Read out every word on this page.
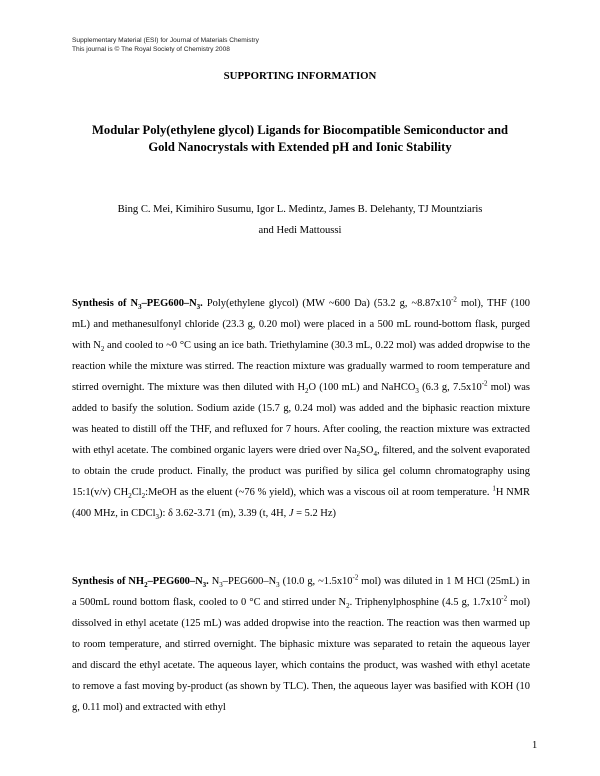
Supplementary Material (ESI) for Journal of Materials Chemistry
This journal is © The Royal Society of Chemistry 2008
SUPPORTING INFORMATION
Modular Poly(ethylene glycol) Ligands for Biocompatible Semiconductor and
Gold Nanocrystals with Extended pH and Ionic Stability
Bing C. Mei, Kimihiro Susumu, Igor L. Medintz, James B. Delehanty, TJ Mountziaris
and Hedi Mattoussi
Synthesis of $N_3-PEG600-N_3$. Poly(ethylene glycol) (MW ~600 Da) (53.2 g, $\sim 8.87x10^{-2}$ mol), THF (100 mL) and methanesulfonyl chloride (23.3 g, 0.20 mol) were placed in a 500 mL round-bottom flask, purged with $N_2$ and cooled to ~0 °C using an ice bath. Triethylamine (30.3 mL, 0.22 mol) was added dropwise to the reaction while the mixture was stirred. The reaction mixture was gradually warmed to room temperature and stirred overnight. The mixture was then diluted with $H_2O$ (100 mL) and NaHCO$_3$ (6.3 g, $7.5x10^{-2}$ mol) was added to basify the solution. Sodium azide (15.7 g, 0.24 mol) was added and the biphasic reaction mixture was heated to distill off the THF, and refluxed for 7 hours. After cooling, the reaction mixture was extracted with ethyl acetate. The combined organic layers were dried over $Na_2SO_4$, filtered, and the solvent evaporated to obtain the crude product. Finally, the product was purified by silica gel column chromatography using 15:1(v/v) $CH_2Cl_2:MeOH$ as the eluent (~76 % yield), which was a viscous oil at room temperature. $^1$H NMR (400 MHz, in CDCl$_3$): δ 3.62-3.71 (m), 3.39 (t, 4H, J = 5.2 Hz)
Synthesis of $NH_2-PEG600-N_3$. $N_3-PEG600-N_3$ (10.0 g, $\sim 1.5x10^{-2}$ mol) was diluted in 1 M HCl (25mL) in a 500mL round bottom flask, cooled to 0 °C and stirred under $N_2$. Triphenylphosphine (4.5 g, $1.7x10^{-2}$ mol) dissolved in ethyl acetate (125 mL) was added dropwise into the reaction. The reaction was then warmed up to room temperature, and stirred overnight. The biphasic mixture was separated to retain the aqueous layer and discard the ethyl acetate. The aqueous layer, which contains the product, was washed with ethyl acetate to remove a fast moving by-product (as shown by TLC). Then, the aqueous layer was basified with KOH (10 g, 0.11 mol) and extracted with ethyl
1
